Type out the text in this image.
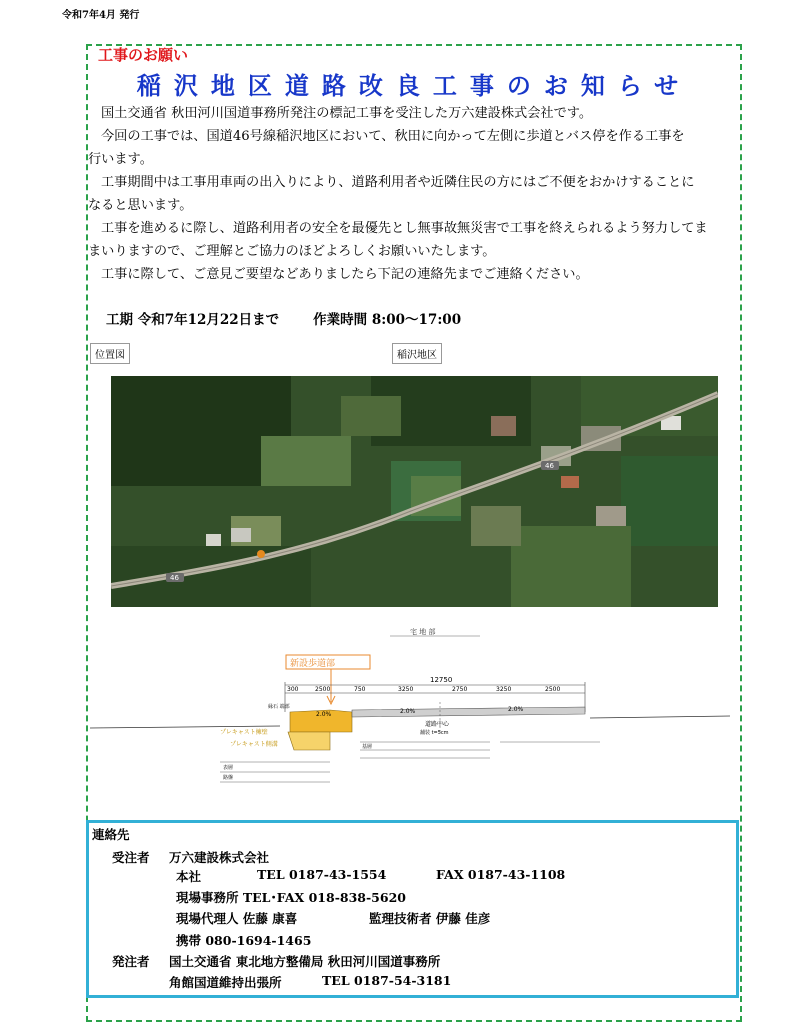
令和7年4月 発行
工事のお願い
稲沢地区道路改良工事のお知らせ

国土交通省 秋田河川国道事務所発注の標記工事を受注した万六建設株式会社です。

今回の工事では、国道46号線稲沢地区において、秋田に向かって左側に歩道とバス停を作る工事を

行います。

工事期間中は工事用車両の出入りにより、道路利用者や近隣住民の方にはご不便をおかけすることに

なると思います。

工事を進めるに際し、道路利用者の安全を最優先とし無事故無災害で工事を終えられるよう努力してま

まいりますので、ご理解とご協力のほどよろしくお願いいたします。

工事に際して、ご意見ご要望などありましたら下記の連絡先までご連絡ください。

工期 令和7年12月22日まで	作業時間 8:00～17:00
位置図	稲沢地区
46
46
宅 地 部
新設歩道部
12750
300	2500	750	3250	2750	3250	2500
2.0%	2.0%	2.0%
道路中心
舗装 t=5cm
縁石 端部
プレキャスト擁壁
プレキャスト側溝
表層
基層
路盤
連絡先
受注者 万六建設株式会社
本社	TEL 0187-43-1554	FAX 0187-43-1108
現場事務所 TEL･FAX 018-838-5620
現場代理人 佐藤 康喜	監理技術者 伊藤 佳彦
携帯 080-1694-1465
発注者 国土交通省 東北地方整備局 秋田河川国道事務所
角館国道維持出張所	TEL 0187-54-3181
